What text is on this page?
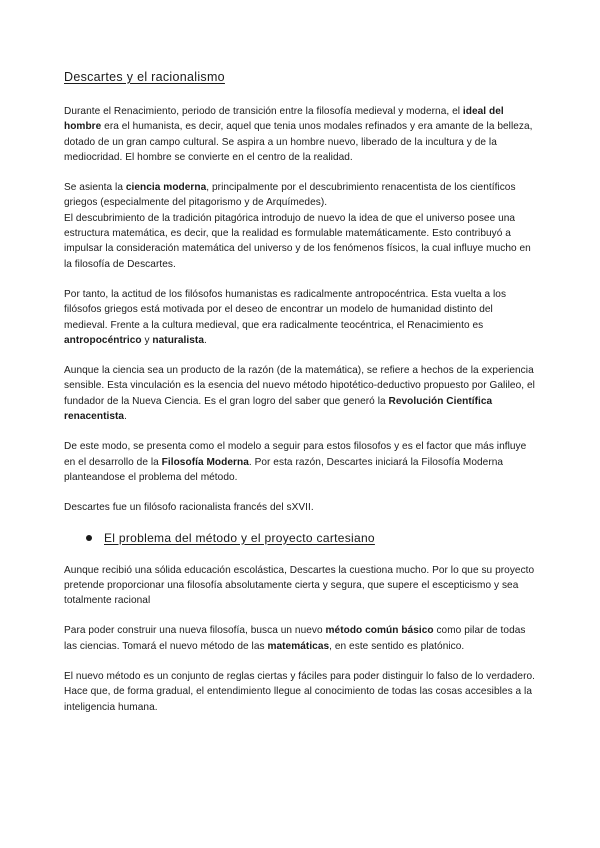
Descartes y el racionalismo

Durante el Renacimiento, periodo de transición entre la filosofía medieval y moderna, el ideal del hombre era el humanista, es decir, aquel que tenia unos modales refinados y era amante de la belleza, dotado de un gran campo cultural. Se aspira a un hombre nuevo, liberado de la incultura y de la mediocridad. El hombre se convierte en el centro de la realidad.

Se asienta la ciencia moderna, principalmente por el descubrimiento renacentista de los científicos griegos (especialmente del pitagorismo y de Arquímedes).
El descubrimiento de la tradición pitagórica introdujo de nuevo la idea de que el universo posee una estructura matemática, es decir, que la realidad es formulable matemáticamente. Esto contribuyó a impulsar la consideración matemática del universo y de los fenómenos físicos, la cual influye mucho en la filosofía de Descartes.

Por tanto, la actitud de los filósofos humanistas es radicalmente antropocéntrica. Esta vuelta a los filósofos griegos está motivada por el deseo de encontrar un modelo de humanidad distinto del medieval. Frente a la cultura medieval, que era radicalmente teocéntrica, el Renacimiento es antropocéntrico y naturalista.

Aunque la ciencia sea un producto de la razón (de la matemática), se refiere a hechos de la experiencia sensible. Esta vinculación es la esencia del nuevo método hipotético-deductivo propuesto por Galileo, el fundador de la Nueva Ciencia. Es el gran logro del saber que generó la Revolución Científica renacentista.

De este modo, se presenta como el modelo a seguir para estos filosofos y es el factor que más influye en el desarrollo de la Filosofía Moderna. Por esta razón, Descartes iniciará la Filosofía Moderna planteandose el problema del método.

Descartes fue un filósofo racionalista francés del sXVII.

El problema del método y el proyecto cartesiano

Aunque recibió una sólida educación escolástica, Descartes la cuestiona mucho. Por lo que su proyecto pretende proporcionar una filosofía absolutamente cierta y segura, que supere el escepticismo y sea totalmente racional

Para poder construir una nueva filosofía, busca un nuevo método común básico como pilar de todas las ciencias. Tomará el nuevo método de las matemáticas, en este sentido es platónico.

El nuevo método es un conjunto de reglas ciertas y fáciles para poder distinguir lo falso de lo verdadero. Hace que, de forma gradual, el entendimiento llegue al conocimiento de todas las cosas accesibles a la inteligencia humana.
